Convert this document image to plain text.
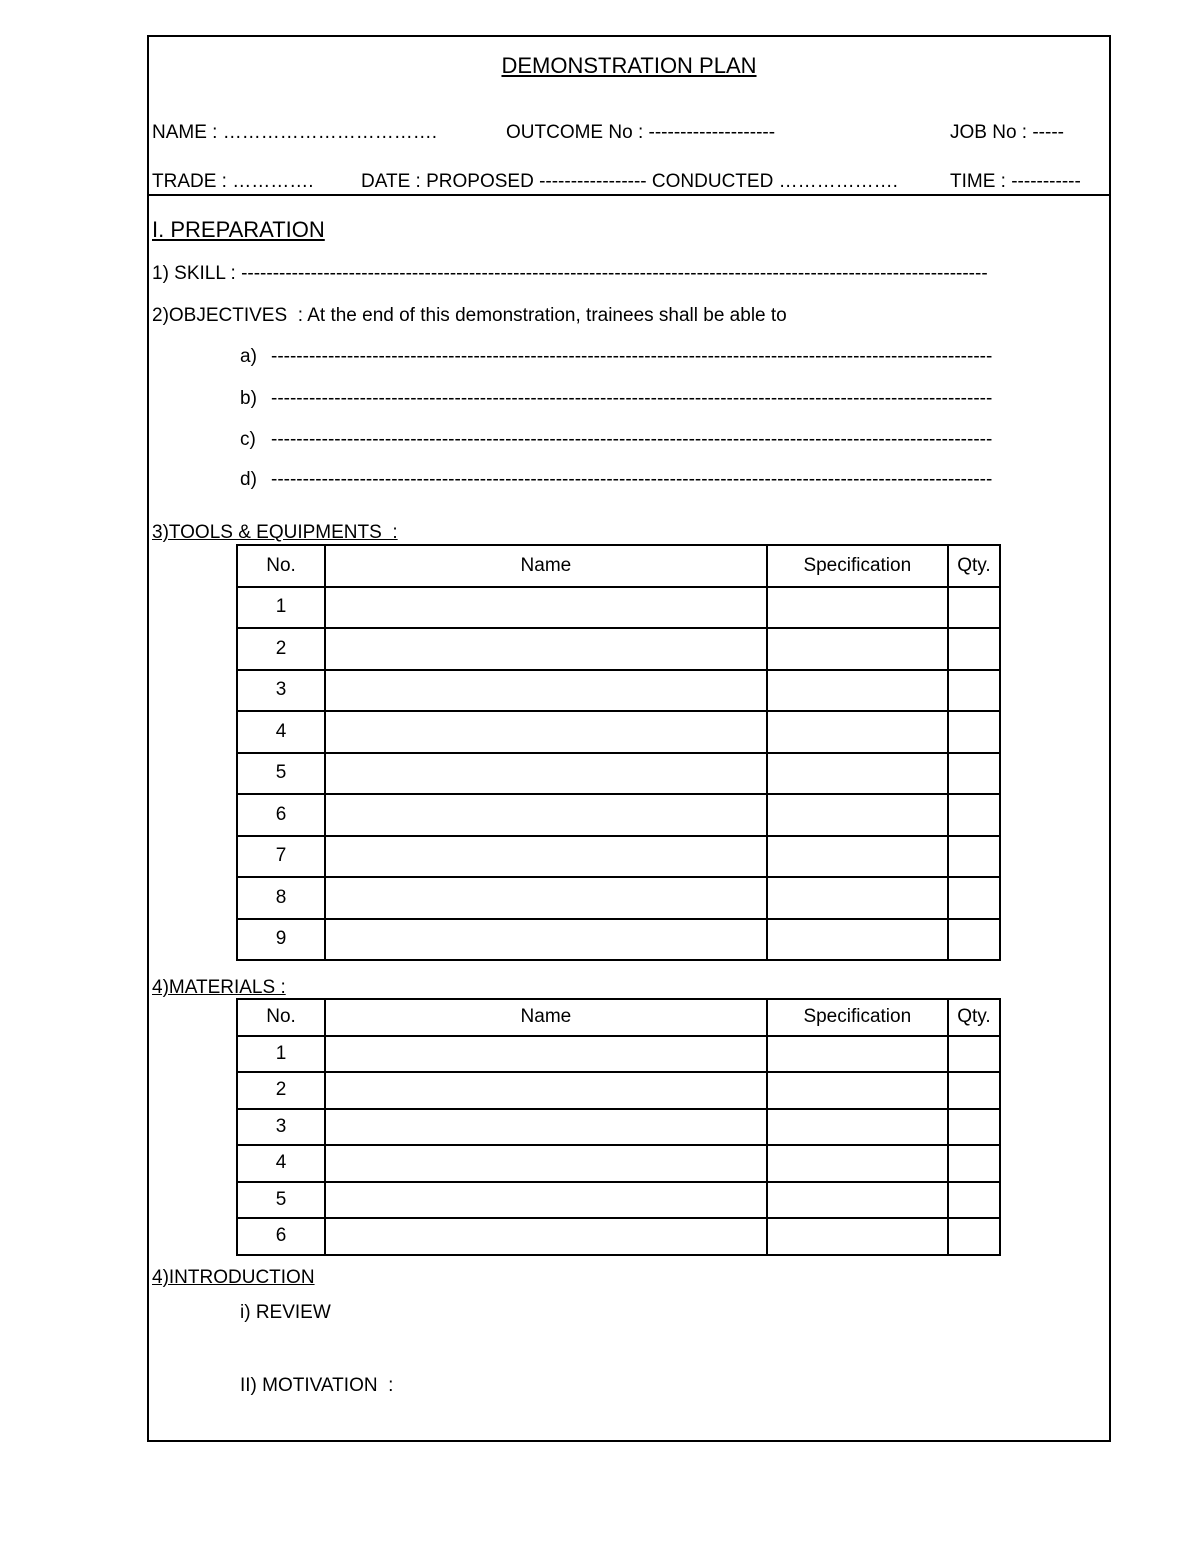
DEMONSTRATION PLAN
NAME : …………………………….	OUTCOME No : --------------------	JOB No : -----
TRADE : …………. DATE : PROPOSED ----------------- CONDUCTED ……………….	TIME : -----------
I. PREPARATION
1) SKILL : ----------------------------------------------------------------------------------------------------------------------
2)OBJECTIVES  : At the end of this demonstration, trainees shall be able to
a) ------------------------------------------------------------------------------------------------------------------
b) ------------------------------------------------------------------------------------------------------------------
c) ------------------------------------------------------------------------------------------------------------------
d) ------------------------------------------------------------------------------------------------------------------
3)TOOLS & EQUIPMENTS  :
No.	Name	Specification	Qty.
1			
2			
3			
4			
5			
6			
7			
8			
9			
4)MATERIALS :
No.	Name	Specification	Qty.
1			
2			
3			
4			
5			
6			
4)INTRODUCTION
i) REVIEW
II) MOTIVATION  :
